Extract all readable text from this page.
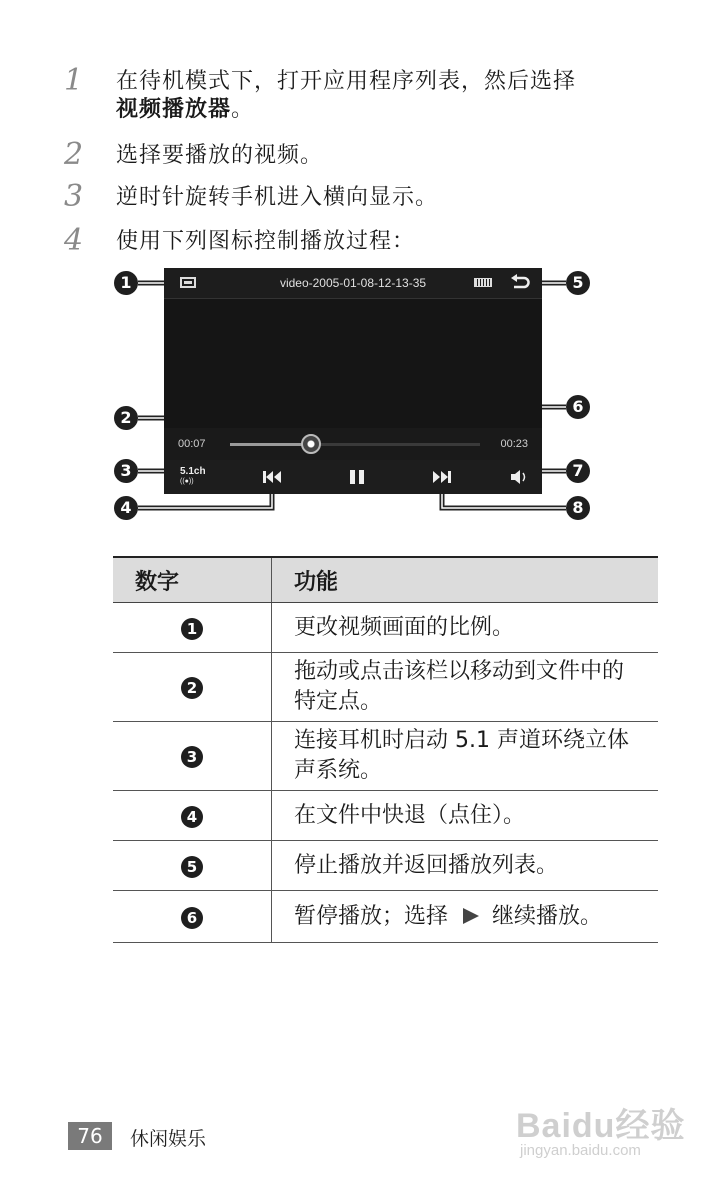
1 在待机模式下，打开应用程序列表，然后选择
视频播放器。
2 选择要播放的视频。
3 逆时针旋转手机进入横向显示。
4 使用下列图标控制播放过程：
video-2005-01-08-12-13-35
00:07	00:23
5.1ch
((●))
1
2
3
4
5
6
7
8
数字	功能
1	更改视频画面的比例。
2	拖动或点击该栏以移动到文件中的特定点。
3	连接耳机时启动 5.1 声道环绕立体声系统。
4	在文件中快退（点住）。
5	停止播放并返回播放列表。
6	暂停播放；选择 继续播放。
76	休闲娱乐	Baidu经验
jingyan.baidu.com
